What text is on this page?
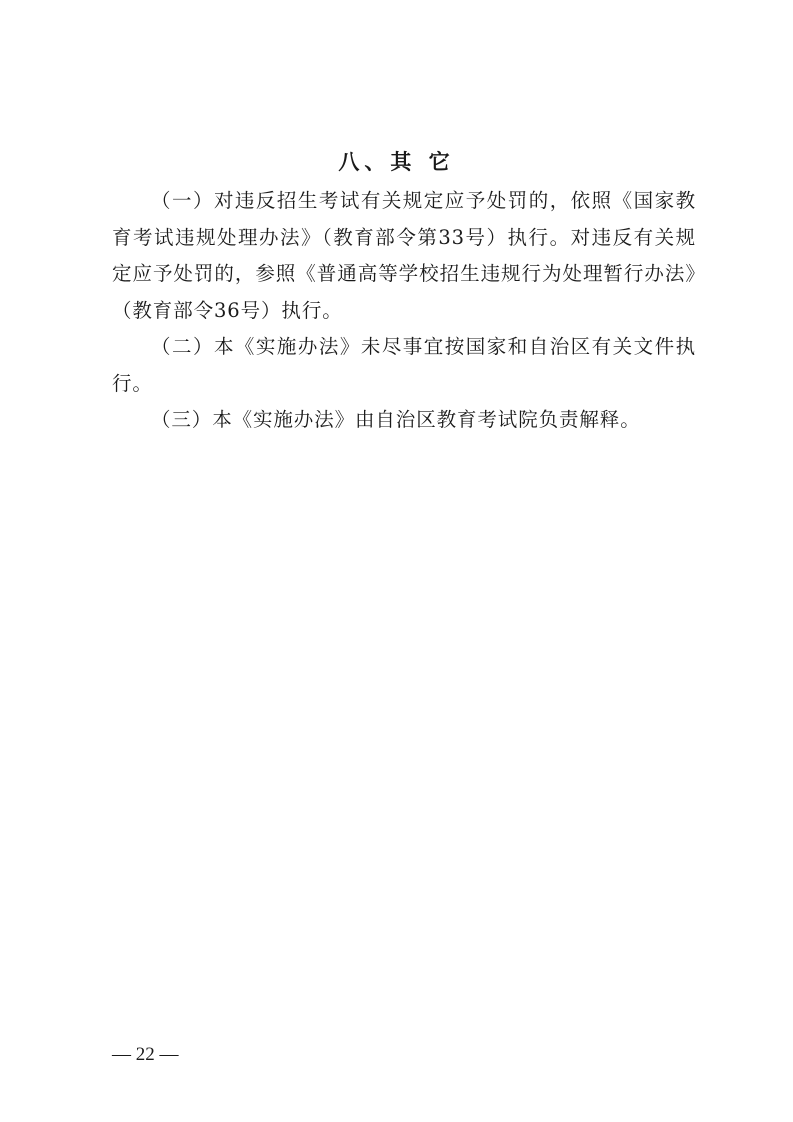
八、其 它

（一）对违反招生考试有关规定应予处罚的，依照《国家教育考试违规处理办法》（教育部令第33号）执行。对违反有关规定应予处罚的，参照《普通高等学校招生违规行为处理暂行办法》（教育部令36号）执行。

（二）本《实施办法》未尽事宜按国家和自治区有关文件执行。

（三）本《实施办法》由自治区教育考试院负责解释。

— 22 —
